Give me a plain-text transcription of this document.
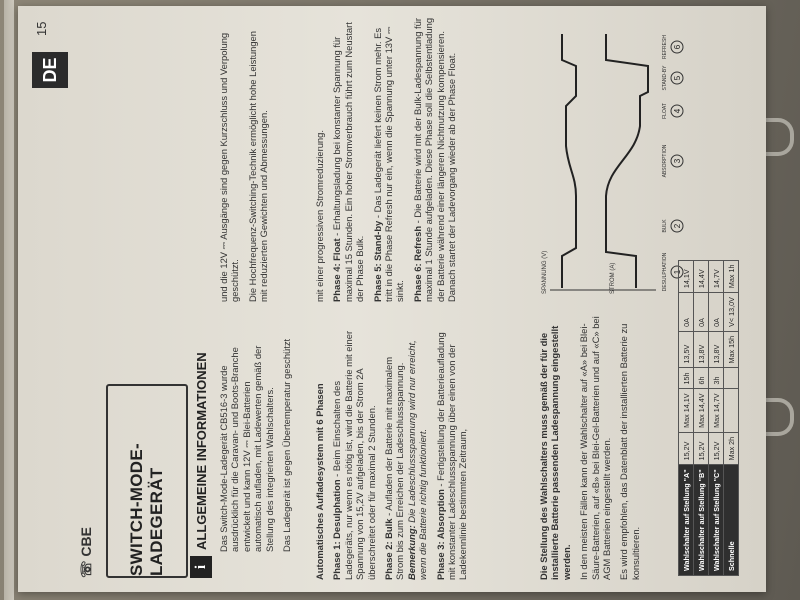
☏ CBE
DE
15
SWITCH-MODE-LADEGERÄT i
ALLGEMEINE INFORMATIONEN Das Switch-Mode-Ladegerät CB516-3 wurde ausdrücklich für die Caravan- und Boots-Branche entwickelt und kann 12V ⎓ Blei-Batterien automatisch aufladen, mit Ladewerten gemäß der Stellung des integrierten Wahlschalters. Das Ladegerät ist gegen Übertemperatur geschützt

und die 12V ⎓ Ausgänge sind gegen Kurzschluss und Verpolung geschützt. Die Hochfrequenz-Switching-Technik ermöglicht hohe Leistungen mit reduzierten Gewichten und Abmessungen.

Automatisches Aufladesystem mit 6 Phasen Phase 1: Desulphation - Beim Einschalten des Ladegeräts, nur wenn es nötig ist, wird die Batterie mit einer Spannung von 15,2V aufgeladen, bis der Strom 2A überschreitet oder für maximal 2 Stunden. Phase 2: Bulk - Aufladen der Batterie mit maximalem Strom bis zum Erreichen der Ladeschlussspannung. Bemerkung: Die Ladeschlussspannung wird nur erreicht, wenn die Batterie richtig funktioniert. Phase 3: Absorption - Fertigstellung der Batterieaufladung mit konstanter Ladeschlussspannung über einen von der Ladekennlinie bestimmten Zeitraum,

mit einer progressiven Stromreduzierung. Phase 4: Float - Erhaltungsladung bei konstanter Spannung für maximal 15 Stunden. Ein hoher Stromverbrauch führt zum Neustart der Phase Bulk. Phase 5: Stand-by - Das Ladegerät liefert keinen Strom mehr. Es tritt in die Phase Refresh nur ein, wenn die Spannung unter 13V ⎓ sinkt. Phase 6: Refresh - Die Batterie wird mit der Bulk-Ladespannung für maximal 1 Stunde aufgeladen. Diese Phase soll die Selbstentladung der Batterie während einer längeren Nichtnutzung kompensieren. Danach startet der Ladevorgang wieder ab der Phase Float.

Die Stellung des Wahlschalters muss gemäß der für die installierte Batterie passenden Ladespannung eingestellt werden. In den meisten Fällen kann der Wahlschalter auf «A» bei Blei-Säure-Batterien, auf «B» bei Blei-Gel-Batterien und auf «C» bei AGM Batterien eingestellt werden. Es wird empfohlen, das Datenblatt der installierten Batterie zu konsultieren.

SPANNUNG (V)	STROM (A)	DESULPHATION 1
BULK 2
ABSORPTION 3
FLOAT 4
STAND-BY 5
REFRESH 6
Wahlschalter auf Stellung "A"	15,2V	Max 14,1V	15h	13,5V	0A	14,1V
Wahlschalter auf Stellung "B"	15,2V	Max 14,4V	6h	13,8V	0A	14,4V
Wahlschalter auf Stellung "C"	15,2V	Max 14,7V	3h	13,8V	0A	14,7V
Schnelle	Max 2h			Max 15h	V< 13,0V	Max 1h
